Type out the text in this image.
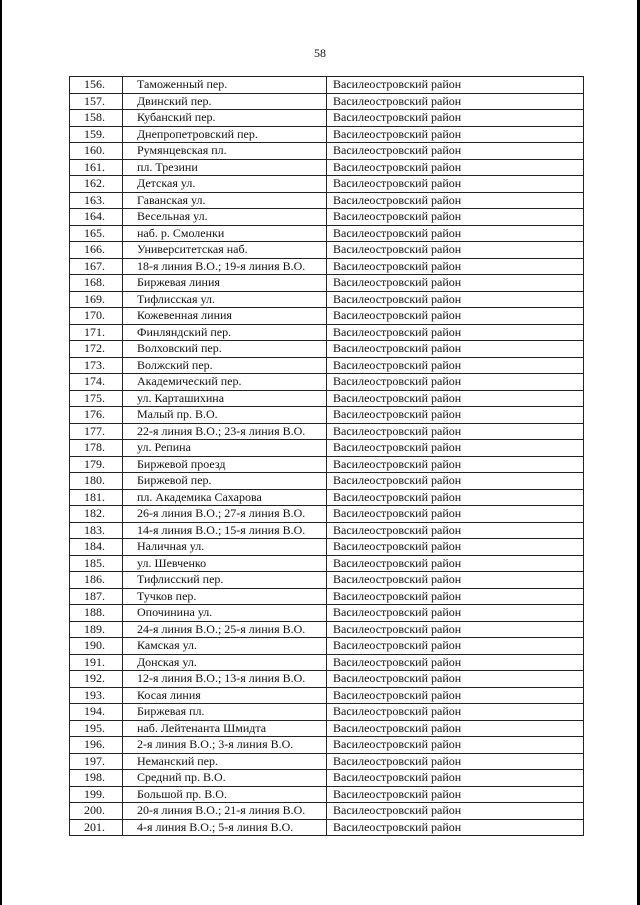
58
156.	Таможенный пер.	Василеостровский район
157.	Двинский пер.	Василеостровский район
158.	Кубанский пер.	Василеостровский район
159.	Днепропетровский пер.	Василеостровский район
160.	Румянцевская пл.	Василеостровский район
161.	пл. Трезини	Василеостровский район
162.	Детская ул.	Василеостровский район
163.	Гаванская ул.	Василеостровский район
164.	Весельная ул.	Василеостровский район
165.	наб. р. Смоленки	Василеостровский район
166.	Университетская наб.	Василеостровский район
167.	18-я линия В.О.; 19-я линия В.О.	Василеостровский район
168.	Биржевая линия	Василеостровский район
169.	Тифлисская ул.	Василеостровский район
170.	Кожевенная линия	Василеостровский район
171.	Финляндский пер.	Василеостровский район
172.	Волховский пер.	Василеостровский район
173.	Волжский пер.	Василеостровский район
174.	Академический пер.	Василеостровский район
175.	ул. Карташихина	Василеостровский район
176.	Малый пр. В.О.	Василеостровский район
177.	22-я линия В.О.; 23-я линия В.О.	Василеостровский район
178.	ул. Репина	Василеостровский район
179.	Биржевой проезд	Василеостровский район
180.	Биржевой пер.	Василеостровский район
181.	пл. Академика Сахарова	Василеостровский район
182.	26-я линия В.О.; 27-я линия В.О.	Василеостровский район
183.	14-я линия В.О.; 15-я линия В.О.	Василеостровский район
184.	Наличная ул.	Василеостровский район
185.	ул. Шевченко	Василеостровский район
186.	Тифлисский пер.	Василеостровский район
187.	Тучков пер.	Василеостровский район
188.	Опочинина ул.	Василеостровский район
189.	24-я линия В.О.; 25-я линия В.О.	Василеостровский район
190.	Камская ул.	Василеостровский район
191.	Донская ул.	Василеостровский район
192.	12-я линия В.О.; 13-я линия В.О.	Василеостровский район
193.	Косая линия	Василеостровский район
194.	Биржевая пл.	Василеостровский район
195.	наб. Лейтенанта Шмидта	Василеостровский район
196.	2-я линия В.О.; 3-я линия В.О.	Василеостровский район
197.	Неманский пер.	Василеостровский район
198.	Средний пр. В.О.	Василеостровский район
199.	Большой пр. В.О.	Василеостровский район
200.	20-я линия В.О.; 21-я линия В.О.	Василеостровский район
201.	4-я линия В.О.; 5-я линия В.О.	Василеостровский район
